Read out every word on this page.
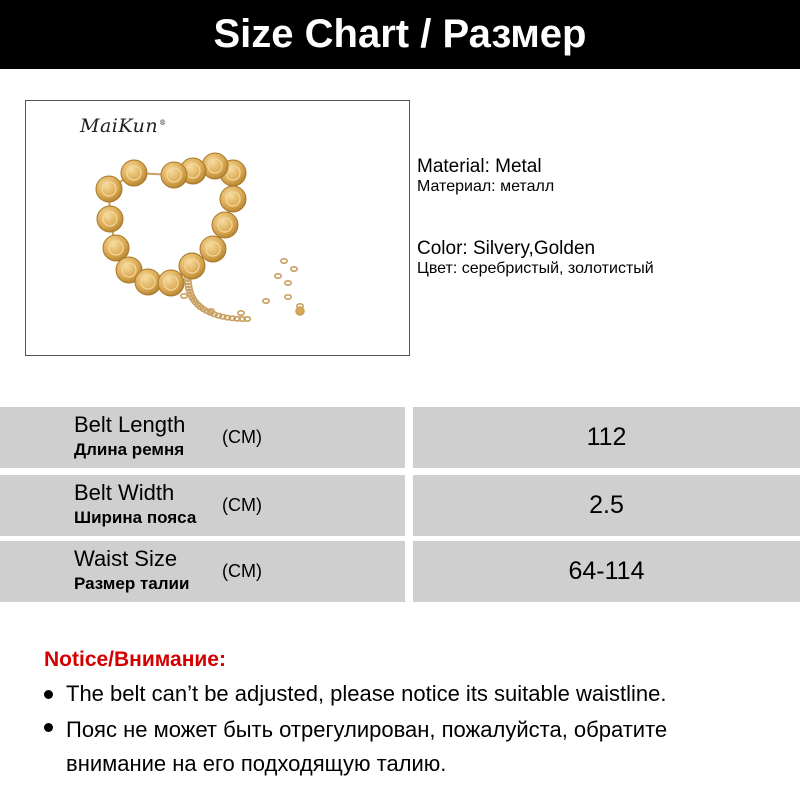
Size Chart / Размер
MaiKun®
Material: Metal
Материал: металл
Color: Silvery,Golden
Цвет: серебристый, золотистый
Belt Length
Длина ремня
(CM)	112
Belt Width
Ширина пояса
(CM)	2.5
Waist Size
Размер талии
(CM)	64-114
Notice/Внимание:
The belt can’t be adjusted, please notice its suitable waistline.
Пояс не может быть отрегулирован, пожалуйста, обратите
внимание на его подходящую талию.
